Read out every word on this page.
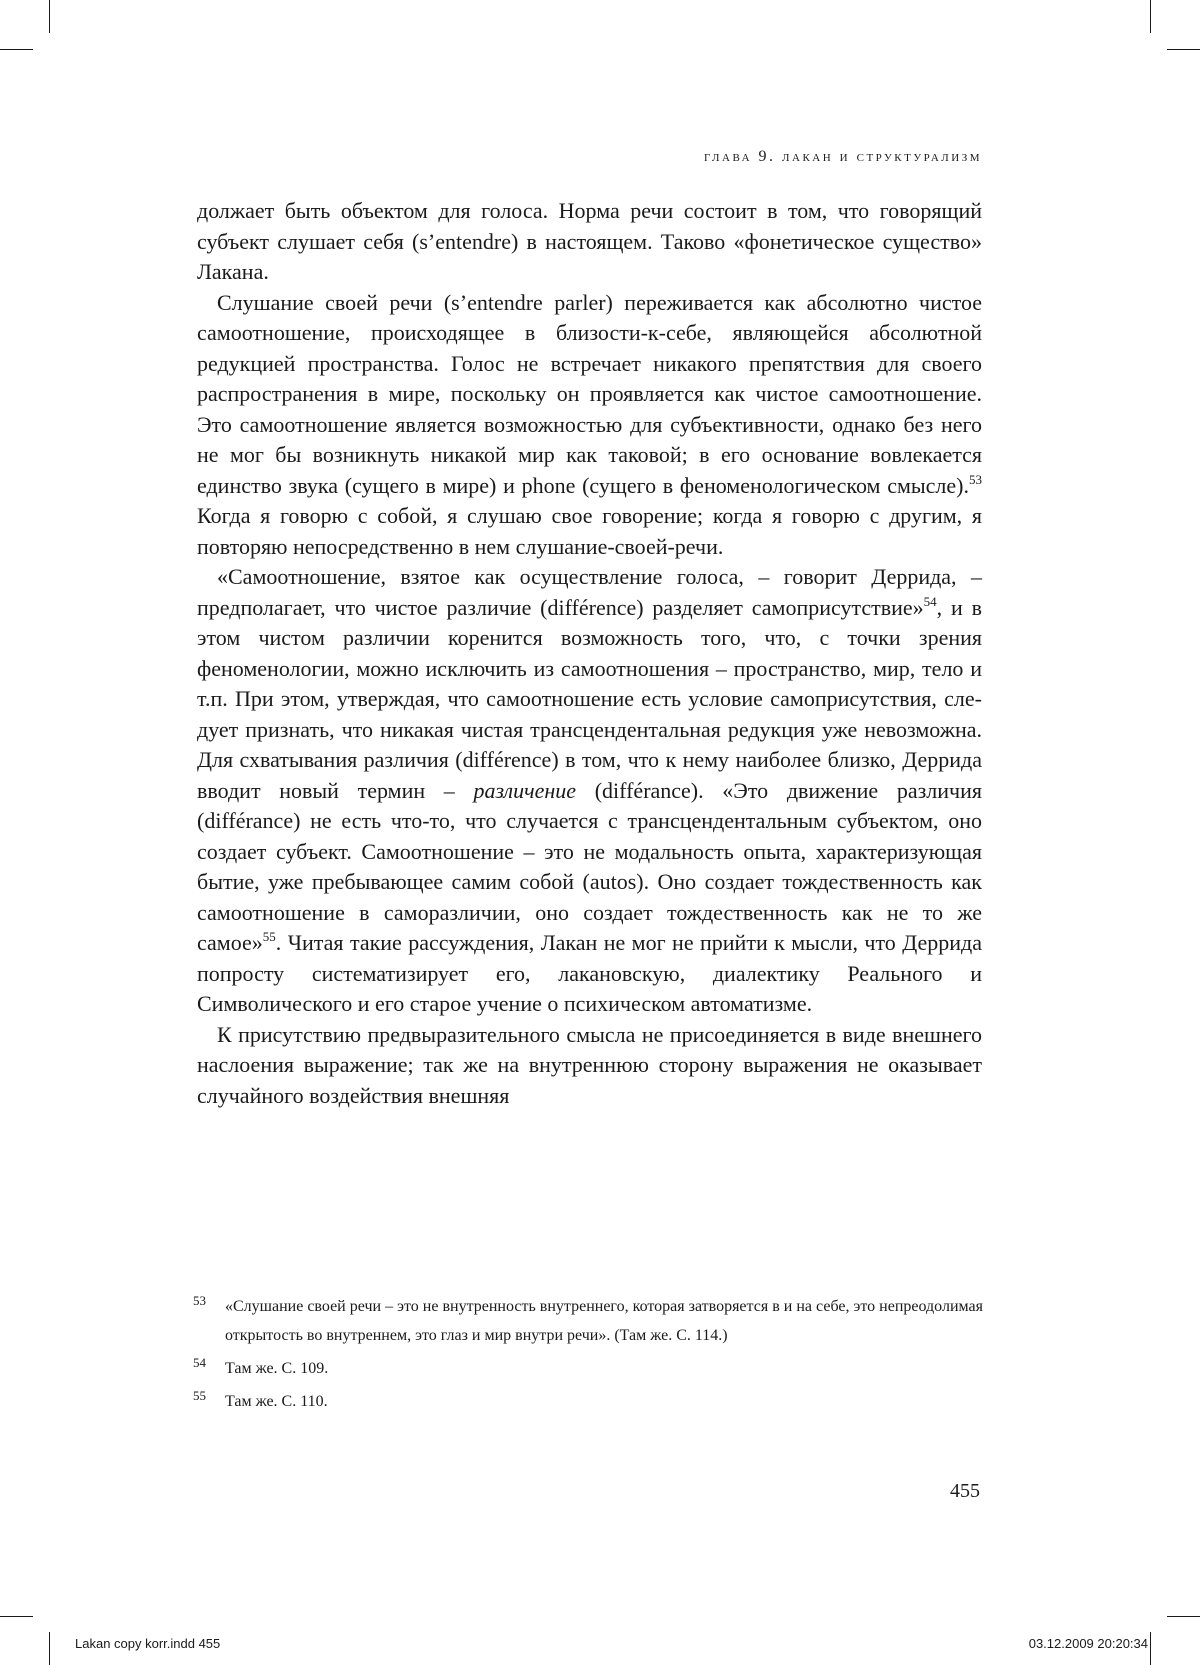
глава 9. лакан и структурализм

должает быть объектом для голоса. Норма речи состоит в том, что говорящий субъект слушает себя (s’entendre) в настоящем. Таково «фонетическое существо» Лакана.

Слушание своей речи (s’entendre parler) переживается как абсолютно чистое самоотношение, происходящее в близости-к-себе, являющейся абсолютной редукцией пространства. Голос не встречает никакого препятствия для своего распространения в мире, поскольку он проявляется как чистое самоотношение. Это самоотношение является возможностью для субъективности, однако без него не мог бы возникнуть никакой мир как таковой; в его основание вовлекается единство звука (сущего в мире) и phone (сущего в феноменологическом смысле).$^{53}$ Когда я говорю с собой, я слушаю свое говорение; когда я говорю с другим, я повторяю непосредственно в нем слушание-своей-речи.

«Самоотношение, взятое как осуществление голоса, – говорит Деррида, – предполагает, что чистое различие (différence) разделяет самоприсутствие»$^{54}$, и в этом чистом различии коренится возможность того, что, с точки зрения феноменологии, можно исключить из самоотношения – пространство, мир, тело и т.п. При этом, утверждая, что самоотношение есть условие самоприсутствия, следует признать, что никакая чистая трансцендентальная редукция уже невозможна. Для схватывания различия (différence) в том, что к нему наиболее близко, Деррида вводит новый термин – различение (différance). «Это движение различия (différance) не есть что-то, что случается с трансцендентальным субъектом, оно создает субъект. Самоотношение – это не модальность опыта, характеризующая бытие, уже пребывающее самим собой (autos). Оно создает тождественность как самоотношение в саморазличии, оно создает тождественность как не то же самое»$^{55}$. Читая такие рассуждения, Лакан не мог не прийти к мысли, что Деррида попросту систематизирует его, лакановскую, диалектику Реального и Символического и его старое учение о психическом автоматизме.

К присутствию предвыразительного смысла не присоединяется в виде внешнего наслоения выражение; так же на внутреннюю сторону выражения не оказывает случайного воздействия внешняя

53 «Слушание своей речи – это не внутренность внутреннего, которая затворяется в и на себе, это непреодолимая открытость во внутреннем, это глаз и мир внутри речи». (Там же. С. 114.)
54 Там же. С. 109.
55 Там же. С. 110.
455
Lakan copy korr.indd 455	03.12.2009 20:20:34
